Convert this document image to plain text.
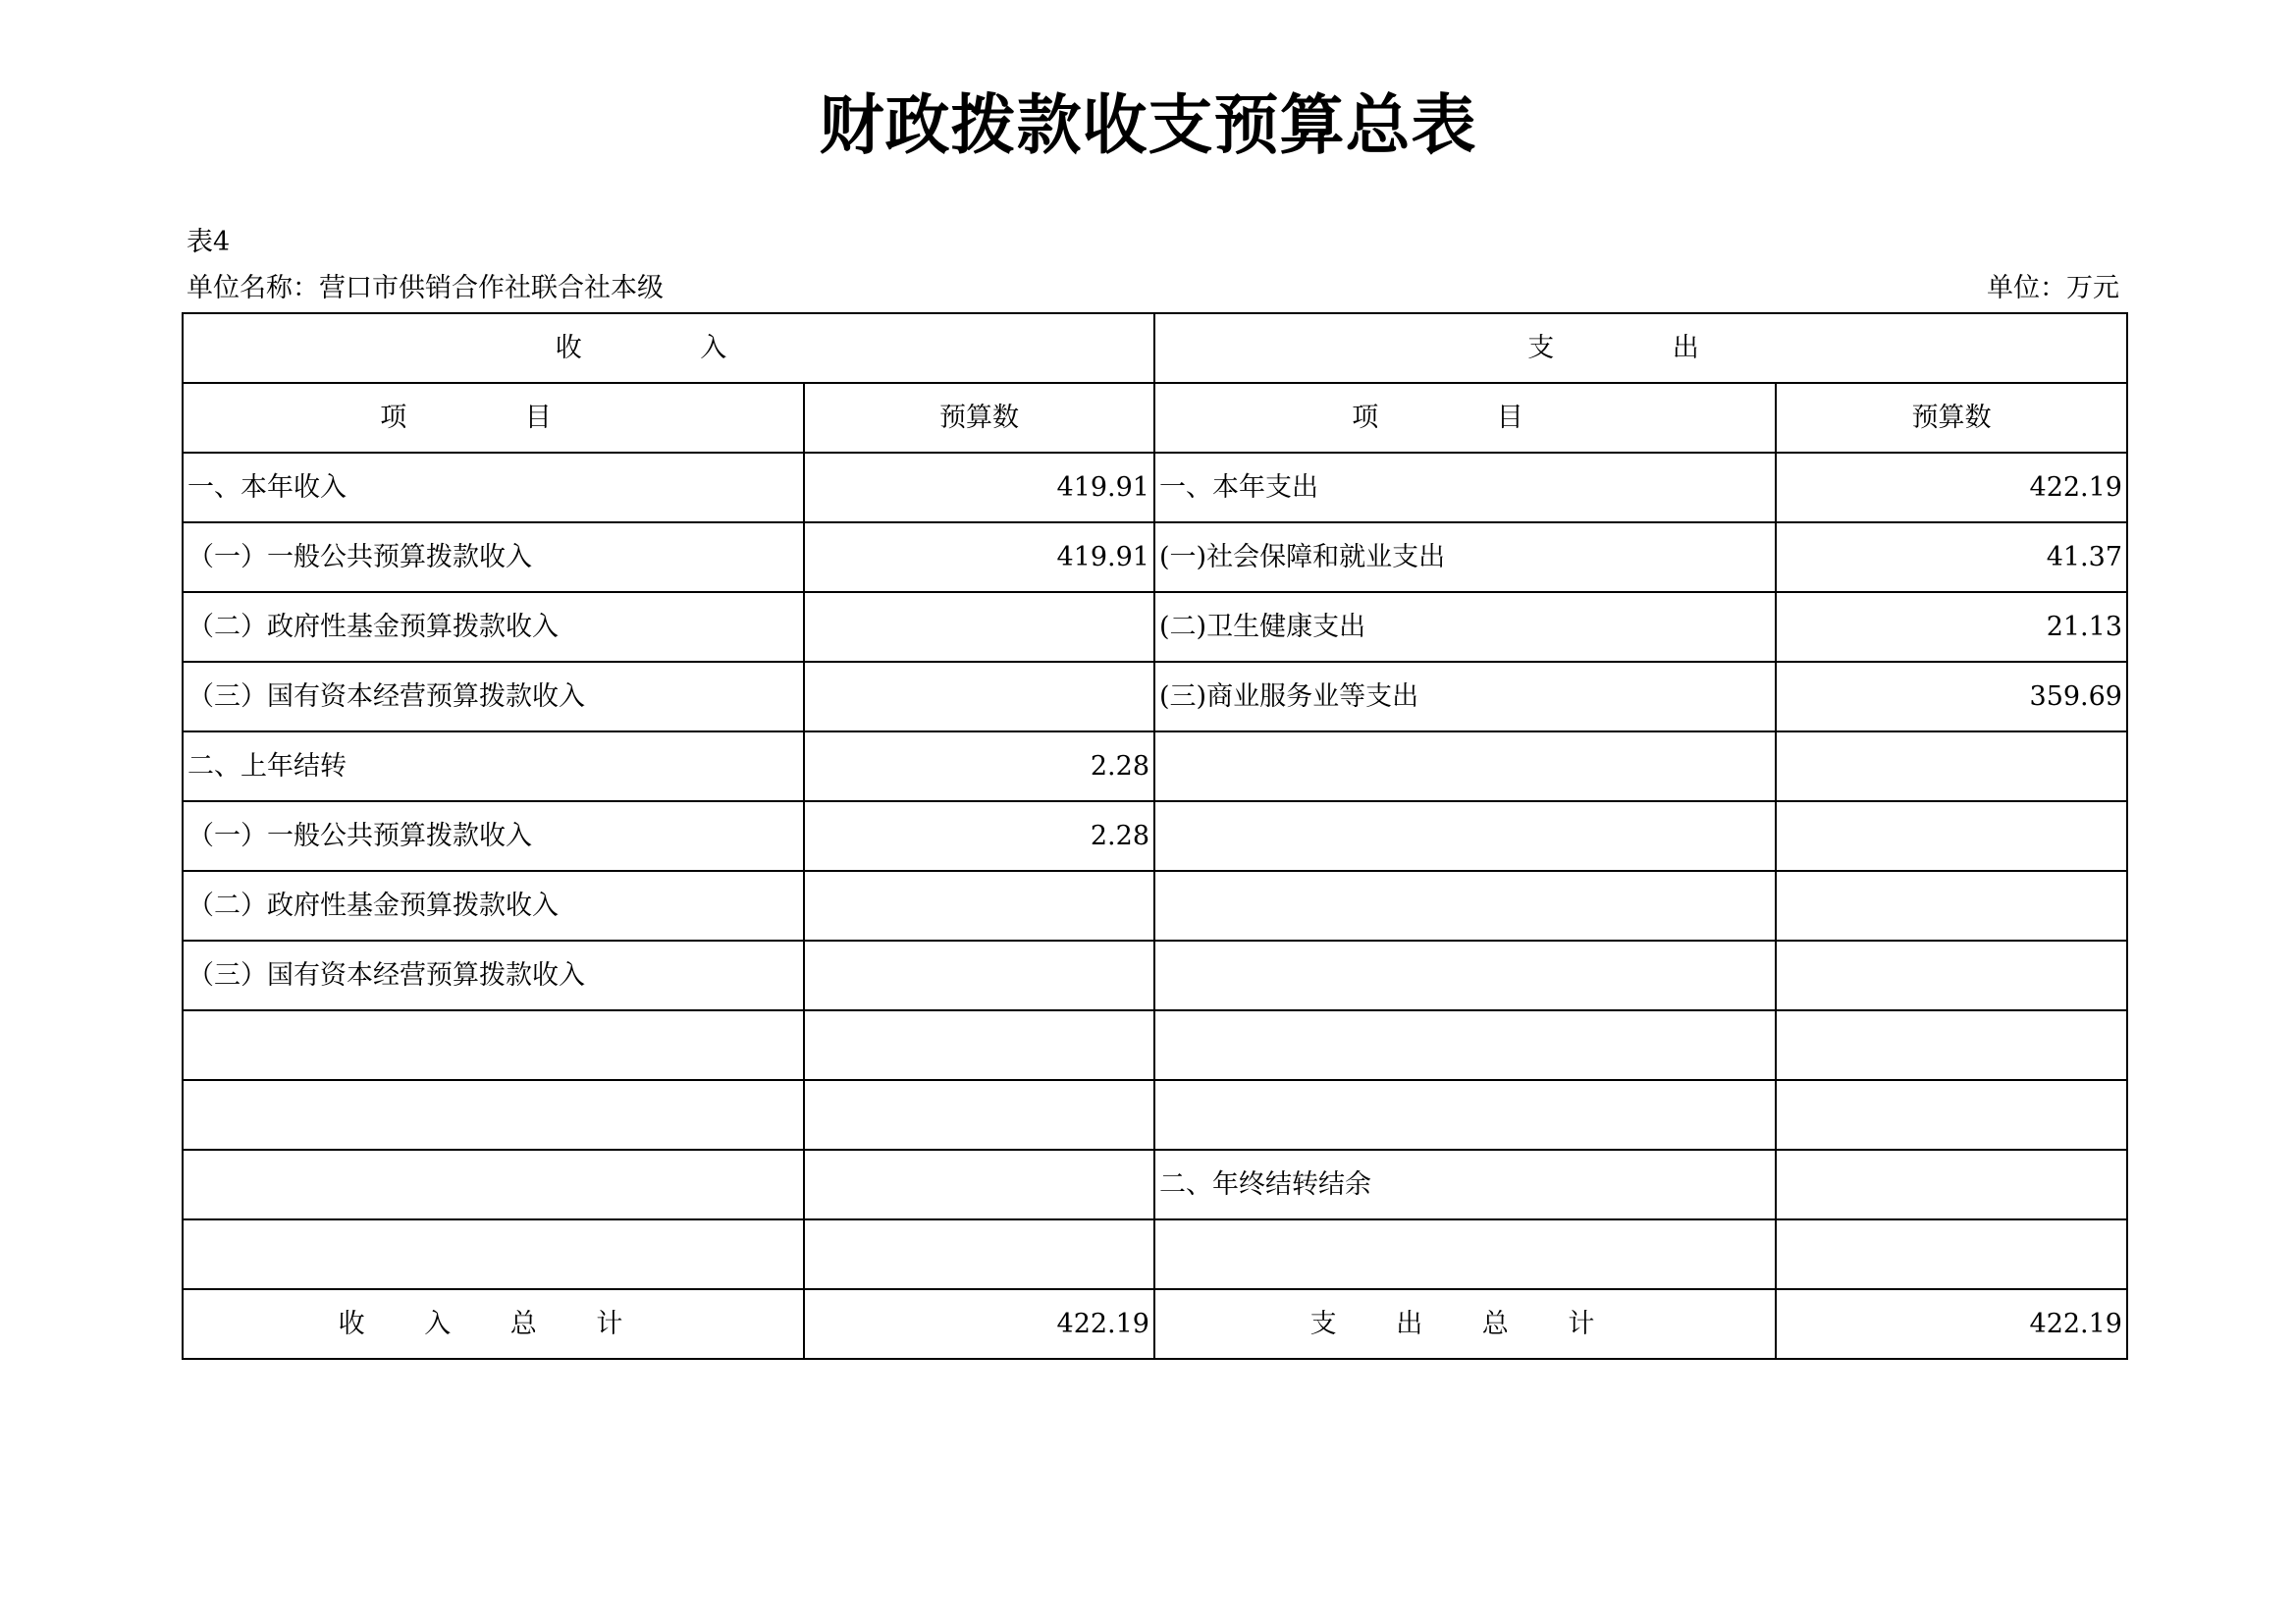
财政拨款收支预算总表
表4
单位名称：营口市供销合作社联合社本级	单位：万元
收 入		支 出	
项 目	预算数	项 目	预算数
一、本年收入	419.91	一、本年支出	422.19
（一）一般公共预算拨款收入	419.91	(一)社会保障和就业支出	41.37
（二）政府性基金预算拨款收入		(二)卫生健康支出	21.13
（三）国有资本经营预算拨款收入		(三)商业服务业等支出	359.69
二、上年结转	2.28		
（一）一般公共预算拨款收入	2.28		
（二）政府性基金预算拨款收入			
（三）国有资本经营预算拨款收入			

		二、年终结转结余	

收 入 总 计	422.19	支 出 总 计	422.19
